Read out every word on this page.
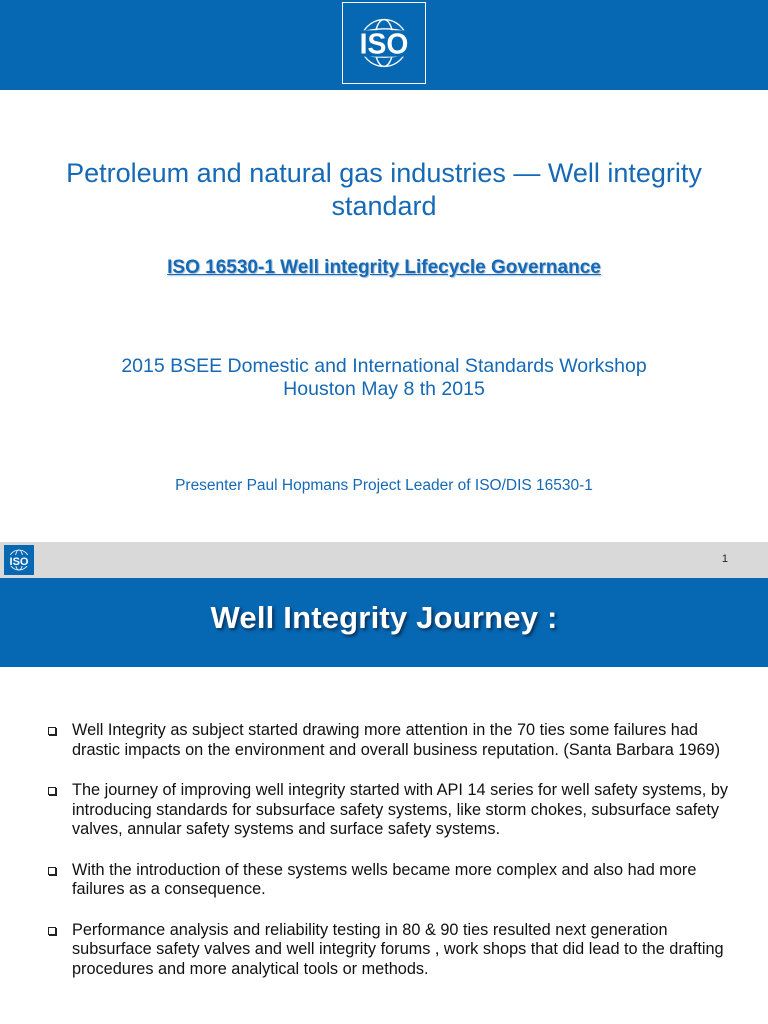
ISO
Petroleum and natural gas industries — Well integrity standard
ISO 16530-1 Well integrity Lifecycle Governance
2015 BSEE Domestic and International Standards Workshop
Houston May 8 th 2015
Presenter Paul Hopmans Project Leader of ISO/DIS 16530-1
ISO	1
Well Integrity Journey :
Well Integrity as subject started drawing more attention in the 70 ties some failures had drastic impacts on the environment and overall business reputation. (Santa Barbara 1969)
The journey of improving well integrity started with API 14 series for well safety systems, by introducing standards for subsurface safety systems, like storm chokes, subsurface safety valves, annular safety systems and surface safety systems.
With the introduction of these systems wells became more complex and also had more failures as a consequence.
Performance analysis and reliability testing in 80 & 90 ties resulted next generation subsurface safety valves and well integrity forums , work shops that did lead to the drafting procedures and more analytical tools or methods.
